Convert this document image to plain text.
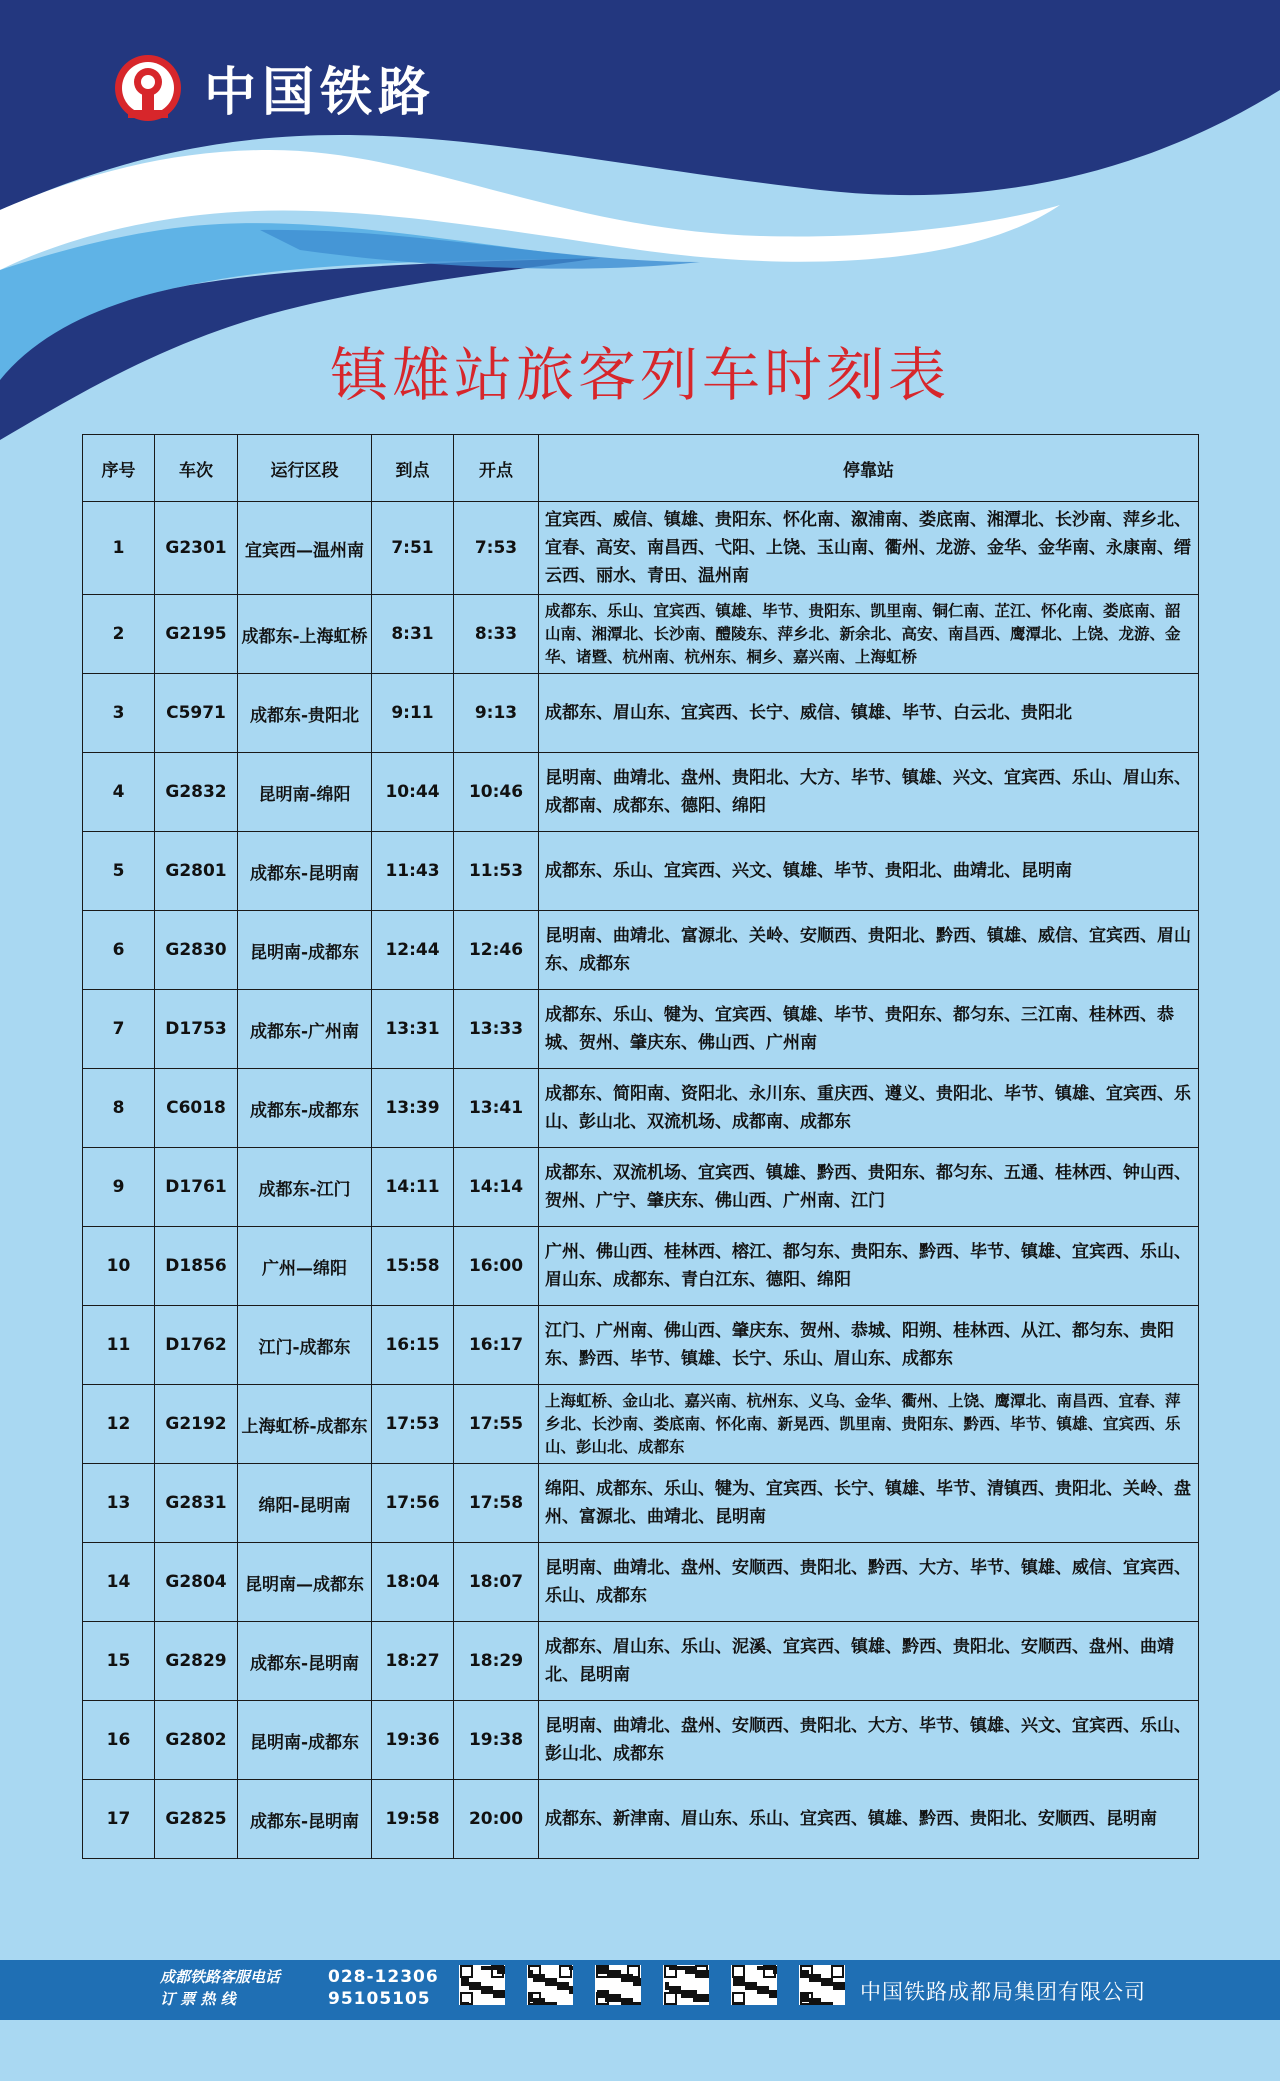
中国铁路
镇雄站旅客列车时刻表
序号	车次	运行区段	到点	开点	停靠站
1	G2301	宜宾西—温州南	7:51	7:53	宜宾西、威信、镇雄、贵阳东、怀化南、溆浦南、娄底南、湘潭北、长沙南、萍乡北、宜春、高安、南昌西、弋阳、上饶、玉山南、衢州、龙游、金华、金华南、永康南、缙云西、丽水、青田、温州南
2	G2195	成都东-上海虹桥	8:31	8:33	成都东、乐山、宜宾西、镇雄、毕节、贵阳东、凯里南、铜仁南、芷江、怀化南、娄底南、韶山南、湘潭北、长沙南、醴陵东、萍乡北、新余北、高安、南昌西、鹰潭北、上饶、龙游、金华、诸暨、杭州南、杭州东、桐乡、嘉兴南、上海虹桥
3	C5971	成都东-贵阳北	9:11	9:13	成都东、眉山东、宜宾西、长宁、威信、镇雄、毕节、白云北、贵阳北
4	G2832	昆明南-绵阳	10:44	10:46	昆明南、曲靖北、盘州、贵阳北、大方、毕节、镇雄、兴文、宜宾西、乐山、眉山东、成都南、成都东、德阳、绵阳
5	G2801	成都东-昆明南	11:43	11:53	成都东、乐山、宜宾西、兴文、镇雄、毕节、贵阳北、曲靖北、昆明南
6	G2830	昆明南-成都东	12:44	12:46	昆明南、曲靖北、富源北、关岭、安顺西、贵阳北、黔西、镇雄、威信、宜宾西、眉山东、成都东
7	D1753	成都东-广州南	13:31	13:33	成都东、乐山、犍为、宜宾西、镇雄、毕节、贵阳东、都匀东、三江南、桂林西、恭城、贺州、肇庆东、佛山西、广州南
8	C6018	成都东-成都东	13:39	13:41	成都东、简阳南、资阳北、永川东、重庆西、遵义、贵阳北、毕节、镇雄、宜宾西、乐山、彭山北、双流机场、成都南、成都东
9	D1761	成都东-江门	14:11	14:14	成都东、双流机场、宜宾西、镇雄、黔西、贵阳东、都匀东、五通、桂林西、钟山西、贺州、广宁、肇庆东、佛山西、广州南、江门
10	D1856	广州—绵阳	15:58	16:00	广州、佛山西、桂林西、榕江、都匀东、贵阳东、黔西、毕节、镇雄、宜宾西、乐山、眉山东、成都东、青白江东、德阳、绵阳
11	D1762	江门-成都东	16:15	16:17	江门、广州南、佛山西、肇庆东、贺州、恭城、阳朔、桂林西、从江、都匀东、贵阳东、黔西、毕节、镇雄、长宁、乐山、眉山东、成都东
12	G2192	上海虹桥-成都东	17:53	17:55	上海虹桥、金山北、嘉兴南、杭州东、义乌、金华、衢州、上饶、鹰潭北、南昌西、宜春、萍乡北、长沙南、娄底南、怀化南、新晃西、凯里南、贵阳东、黔西、毕节、镇雄、宜宾西、乐山、彭山北、成都东
13	G2831	绵阳-昆明南	17:56	17:58	绵阳、成都东、乐山、犍为、宜宾西、长宁、镇雄、毕节、清镇西、贵阳北、关岭、盘州、富源北、曲靖北、昆明南
14	G2804	昆明南—成都东	18:04	18:07	昆明南、曲靖北、盘州、安顺西、贵阳北、黔西、大方、毕节、镇雄、威信、宜宾西、乐山、成都东
15	G2829	成都东-昆明南	18:27	18:29	成都东、眉山东、乐山、泥溪、宜宾西、镇雄、黔西、贵阳北、安顺西、盘州、曲靖北、昆明南
16	G2802	昆明南-成都东	19:36	19:38	昆明南、曲靖北、盘州、安顺西、贵阳北、大方、毕节、镇雄、兴文、宜宾西、乐山、彭山北、成都东
17	G2825	成都东-昆明南	19:58	20:00	成都东、新津南、眉山东、乐山、宜宾西、镇雄、黔西、贵阳北、安顺西、昆明南
成都铁路客服电话
订 票 热 线
028-12306
95105105	中国铁路成都局集团有限公司
